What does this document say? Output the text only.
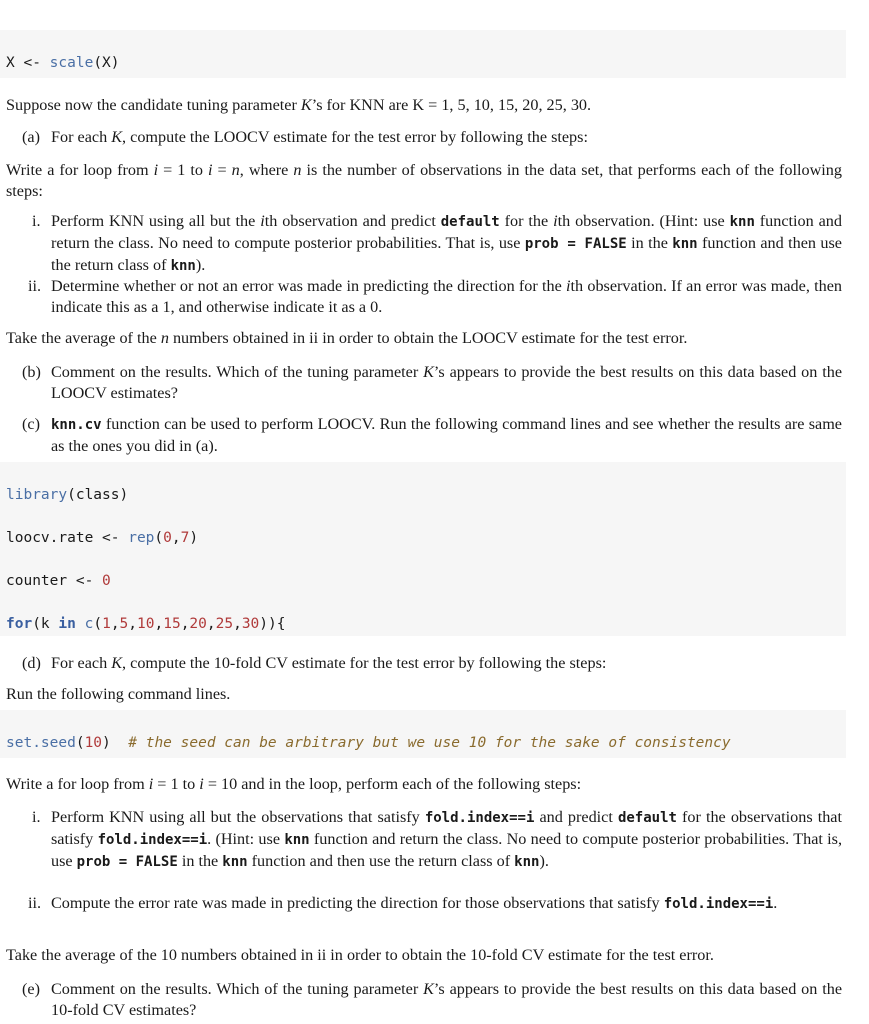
X <- scale(X)

Suppose now the candidate tuning parameter K’s for KNN are K = 1, 5, 10, 15, 20, 25, 30.
(a) For each K, compute the LOOCV estimate for the test error by following the steps:
Write a for loop from i = 1 to i = n, where n is the number of observations in the data set, that performs each of the following steps:
i. Perform KNN using all but the ith observation and predict default for the ith observation. (Hint: use knn function and return the class. No need to compute posterior probabilities. That is, use prob = FALSE in the knn function and then use the return class of knn).
ii. Determine whether or not an error was made in predicting the direction for the ith observation. If an error was made, then indicate this as a 1, and otherwise indicate it as a 0.
Take the average of the n numbers obtained in ii in order to obtain the LOOCV estimate for the test error.
(b) Comment on the results. Which of the tuning parameter K’s appears to provide the best results on this data based on the LOOCV estimates?
(c) knn.cv function can be used to perform LOOCV. Run the following command lines and see whether the results are same as the ones you did in (a).

library(class)

loocv.rate <- rep(0,7)

counter <- 0

for(k in c(1,5,10,15,20,25,30)){

(d) For each K, compute the 10-fold CV estimate for the test error by following the steps:
Run the following command lines.

set.seed(10)  # the seed can be arbitrary but we use 10 for the sake of consistency

Write a for loop from i = 1 to i = 10 and in the loop, perform each of the following steps:
i. Perform KNN using all but the observations that satisfy fold.index==i and predict default for the observations that satisfy fold.index==i. (Hint: use knn function and return the class. No need to compute posterior probabilities. That is, use prob = FALSE in the knn function and then use the return class of knn).
ii. Compute the error rate was made in predicting the direction for those observations that satisfy fold.index==i.
Take the average of the 10 numbers obtained in ii in order to obtain the 10-fold CV estimate for the test error.
(e) Comment on the results. Which of the tuning parameter K’s appears to provide the best results on this data based on the 10-fold CV estimates?
